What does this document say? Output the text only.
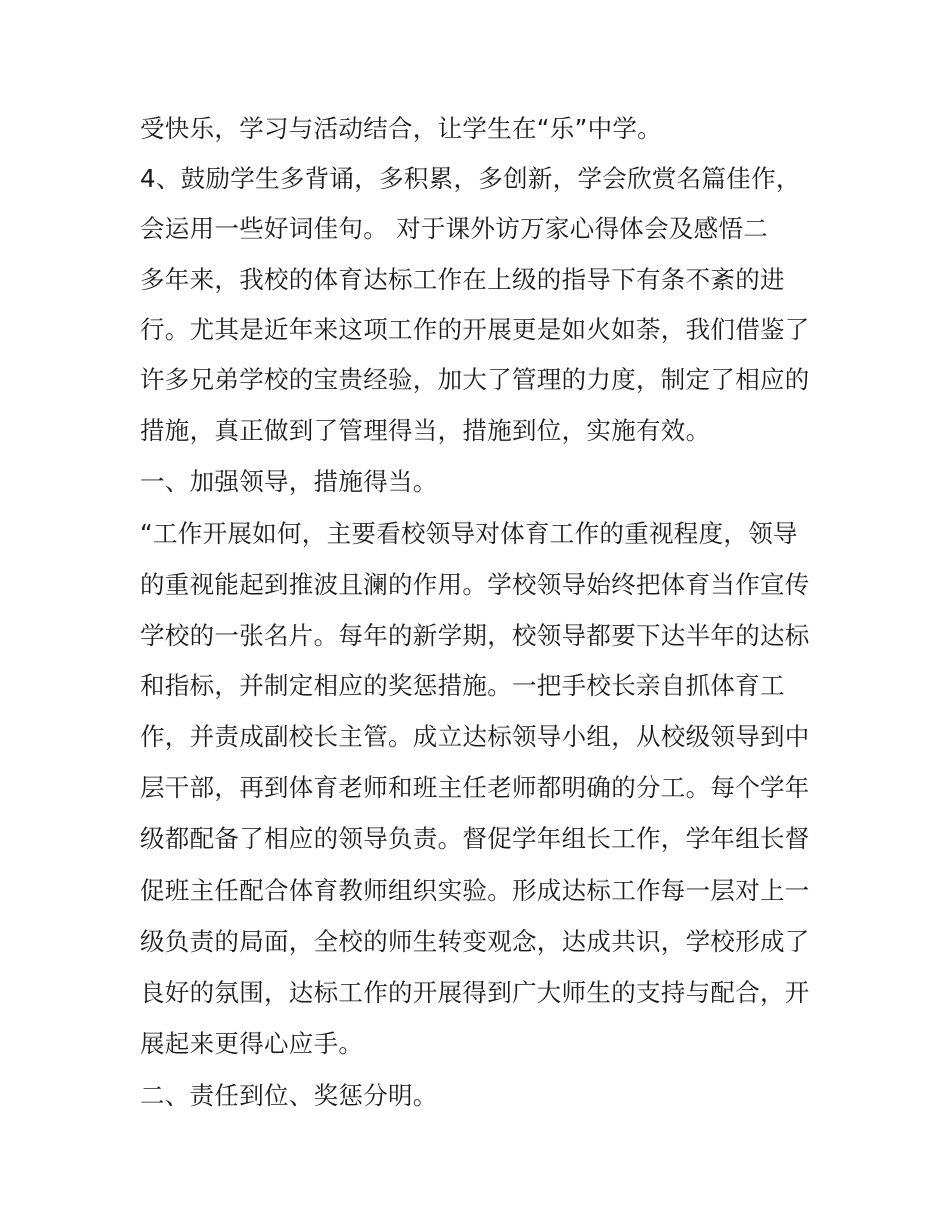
受快乐，学习与活动结合，让学生在“乐”中学。
4、鼓励学生多背诵，多积累，多创新，学会欣赏名篇佳作，
会运用一些好词佳句。 对于课外访万家心得体会及感悟二
多年来，我校的体育达标工作在上级的指导下有条不紊的进
行。尤其是近年来这项工作的开展更是如火如荼，我们借鉴了
许多兄弟学校的宝贵经验，加大了管理的力度，制定了相应的
措施，真正做到了管理得当，措施到位，实施有效。
一、加强领导，措施得当。
“工作开展如何，主要看校领导对体育工作的重视程度，领导
的重视能起到推波且澜的作用。学校领导始终把体育当作宣传
学校的一张名片。每年的新学期，校领导都要下达半年的达标
和指标，并制定相应的奖惩措施。一把手校长亲自抓体育工
作，并责成副校长主管。成立达标领导小组，从校级领导到中
层干部，再到体育老师和班主任老师都明确的分工。每个学年
级都配备了相应的领导负责。督促学年组长工作，学年组长督
促班主任配合体育教师组织实验。形成达标工作每一层对上一
级负责的局面，全校的师生转变观念，达成共识，学校形成了
良好的氛围，达标工作的开展得到广大师生的支持与配合，开
展起来更得心应手。
二、责任到位、奖惩分明。
